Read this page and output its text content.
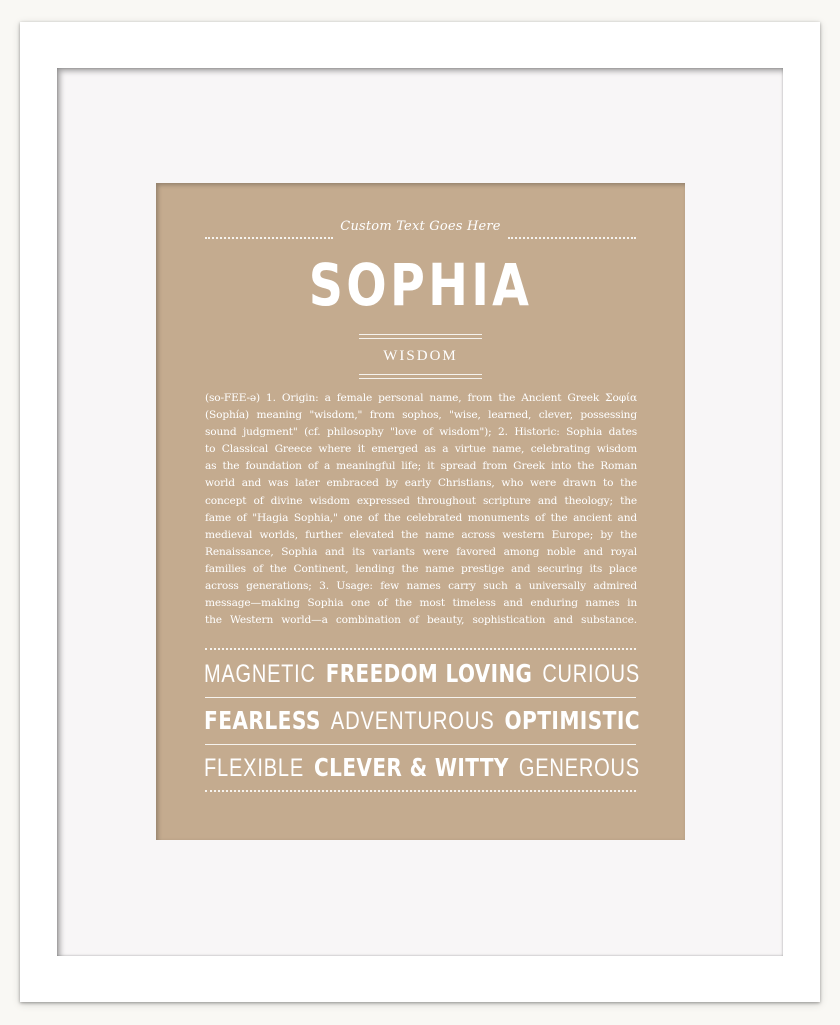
Custom Text Goes Here
SOPHIA
WISDOM
(so-FEE-ə) 1. Origin: a female personal name, from the Ancient Greek Σοφία
(Sophía) meaning "wisdom," from sophos, "wise, learned, clever, possessing
sound judgment" (cf. philosophy "love of wisdom"); 2. Historic: Sophia dates
to Classical Greece where it emerged as a virtue name, celebrating wisdom
as the foundation of a meaningful life; it spread from Greek into the Roman
world and was later embraced by early Christians, who were drawn to the
concept of divine wisdom expressed throughout scripture and theology; the
fame of "Hagia Sophia," one of the celebrated monuments of the ancient and
medieval worlds, further elevated the name across western Europe; by the
Renaissance, Sophia and its variants were favored among noble and royal
families of the Continent, lending the name prestige and securing its place
across generations; 3. Usage: few names carry such a universally admired
message—making Sophia one of the most timeless and enduring names in
the Western world—a combination of beauty, sophistication and substance.
MAGNETIC FREEDOM LOVING CURIOUS
FEARLESS ADVENTUROUS OPTIMISTIC
FLEXIBLE CLEVER & WITTY GENEROUS
